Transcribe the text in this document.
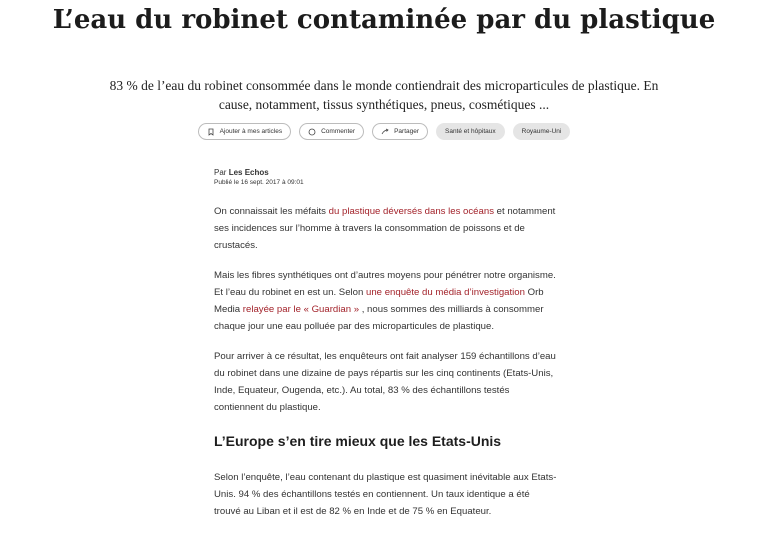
L’eau du robinet contaminée par du plastique
83 % de l’eau du robinet consommée dans le monde contiendrait des microparticules de plastique. En cause, notamment, tissus synthétiques, pneus, cosmétiques ...
Ajouter à mes articles	Commenter	Partager	Santé et hôpitaux	Royaume-Uni
Par Les Echos
Publié le 16 sept. 2017 à 09:01

On connaissait les méfaits du plastique déversés dans les océans et notamment ses incidences sur l’homme à travers la consommation de poissons et de crustacés.

Mais les fibres synthétiques ont d’autres moyens pour pénétrer notre organisme. Et l’eau du robinet en est un. Selon une enquête du média d’investigation Orb Media relayée par le « Guardian » , nous sommes des milliards à consommer chaque jour une eau polluée par des microparticules de plastique.

Pour arriver à ce résultat, les enquêteurs ont fait analyser 159 échantillons d’eau du robinet dans une dizaine de pays répartis sur les cinq continents (Etats-Unis, Inde, Equateur, Ougenda, etc.). Au total, 83 % des échantillons testés contiennent du plastique.

L’Europe s’en tire mieux que les Etats-Unis

Selon l’enquête, l’eau contenant du plastique est quasiment inévitable aux Etats-Unis. 94 % des échantillons testés en contiennent. Un taux identique a été trouvé au Liban et il est de 82 % en Inde et de 75 % en Equateur.
